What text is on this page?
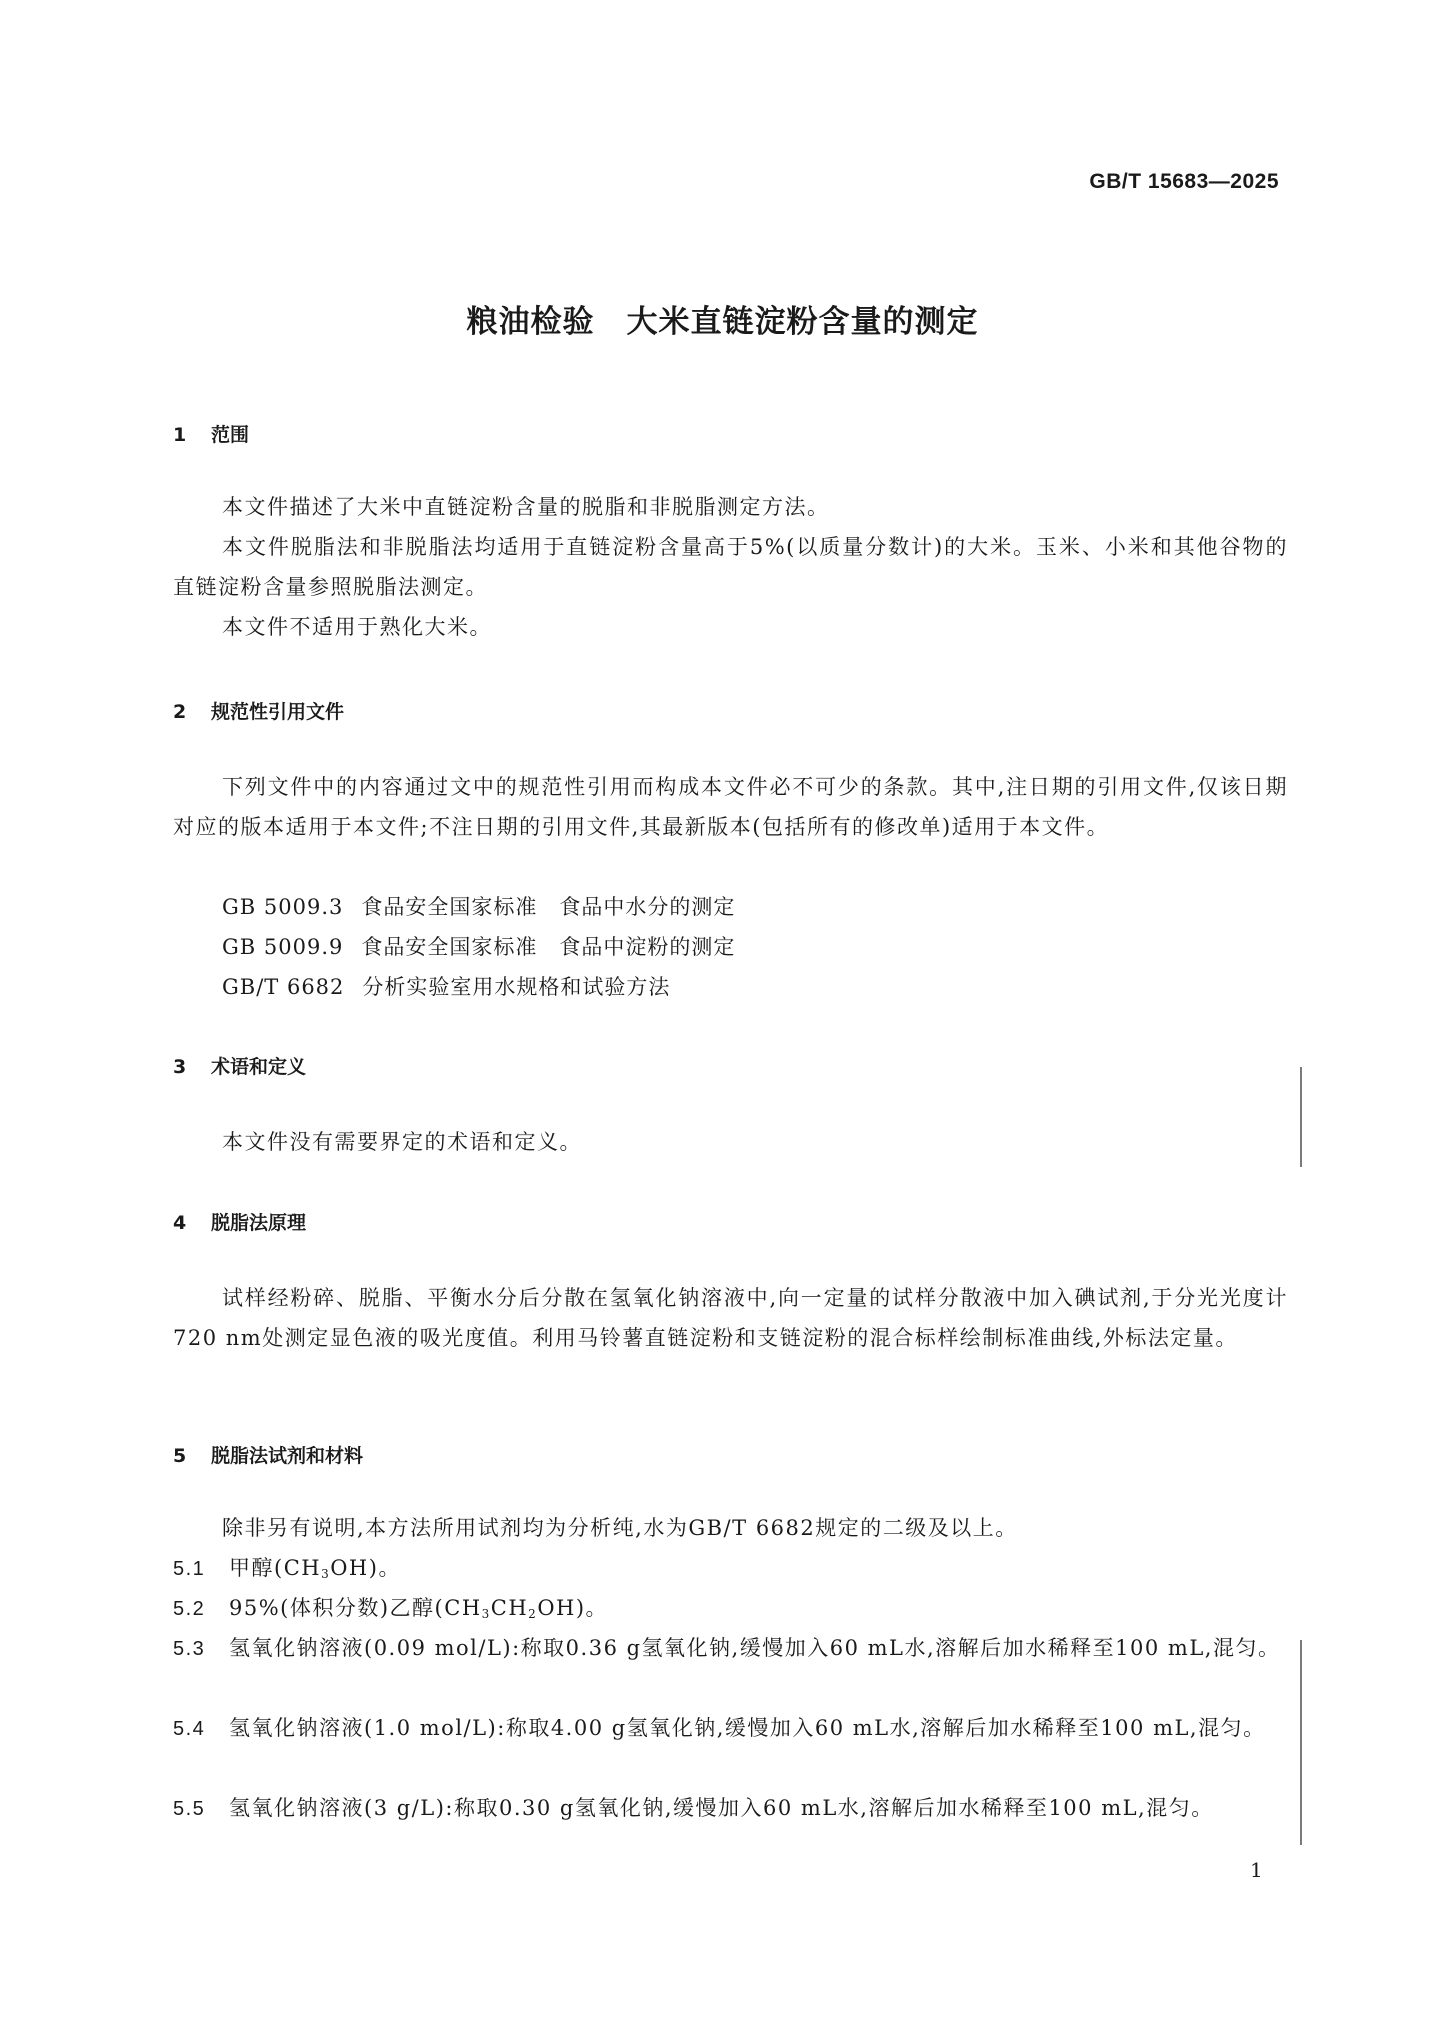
GB/T 15683—2025
粮油检验　大米直链淀粉含量的测定
1 范围
本文件描述了大米中直链淀粉含量的脱脂和非脱脂测定方法。
本文件脱脂法和非脱脂法均适用于直链淀粉含量高于5%(以质量分数计)的大米。玉米、小米和其他谷物的直链淀粉含量参照脱脂法测定。
本文件不适用于熟化大米。
2 规范性引用文件
下列文件中的内容通过文中的规范性引用而构成本文件必不可少的条款。其中,注日期的引用文件,仅该日期对应的版本适用于本文件;不注日期的引用文件,其最新版本(包括所有的修改单)适用于本文件。
GB 5009.3 食品安全国家标准　食品中水分的测定
GB 5009.9 食品安全国家标准　食品中淀粉的测定
GB/T 6682 分析实验室用水规格和试验方法
3 术语和定义
本文件没有需要界定的术语和定义。
4 脱脂法原理
试样经粉碎、脱脂、平衡水分后分散在氢氧化钠溶液中,向一定量的试样分散液中加入碘试剂,于分光光度计720 nm处测定显色液的吸光度值。利用马铃薯直链淀粉和支链淀粉的混合标样绘制标准曲线,外标法定量。
5 脱脂法试剂和材料
除非另有说明,本方法所用试剂均为分析纯,水为GB/T 6682规定的二级及以上。
5.1 甲醇$(CH_3OH)$。
5.2 95%(体积分数)乙醇$(CH_3CH_2OH)$。
5.3 氢氧化钠溶液(0.09 mol/L):称取0.36 g氢氧化钠,缓慢加入60 mL水,溶解后加水稀释至100 mL,混匀。
5.4 氢氧化钠溶液(1.0 mol/L):称取4.00 g氢氧化钠,缓慢加入60 mL水,溶解后加水稀释至100 mL,混匀。
5.5 氢氧化钠溶液(3 g/L):称取0.30 g氢氧化钠,缓慢加入60 mL水,溶解后加水稀释至100 mL,混匀。
1
